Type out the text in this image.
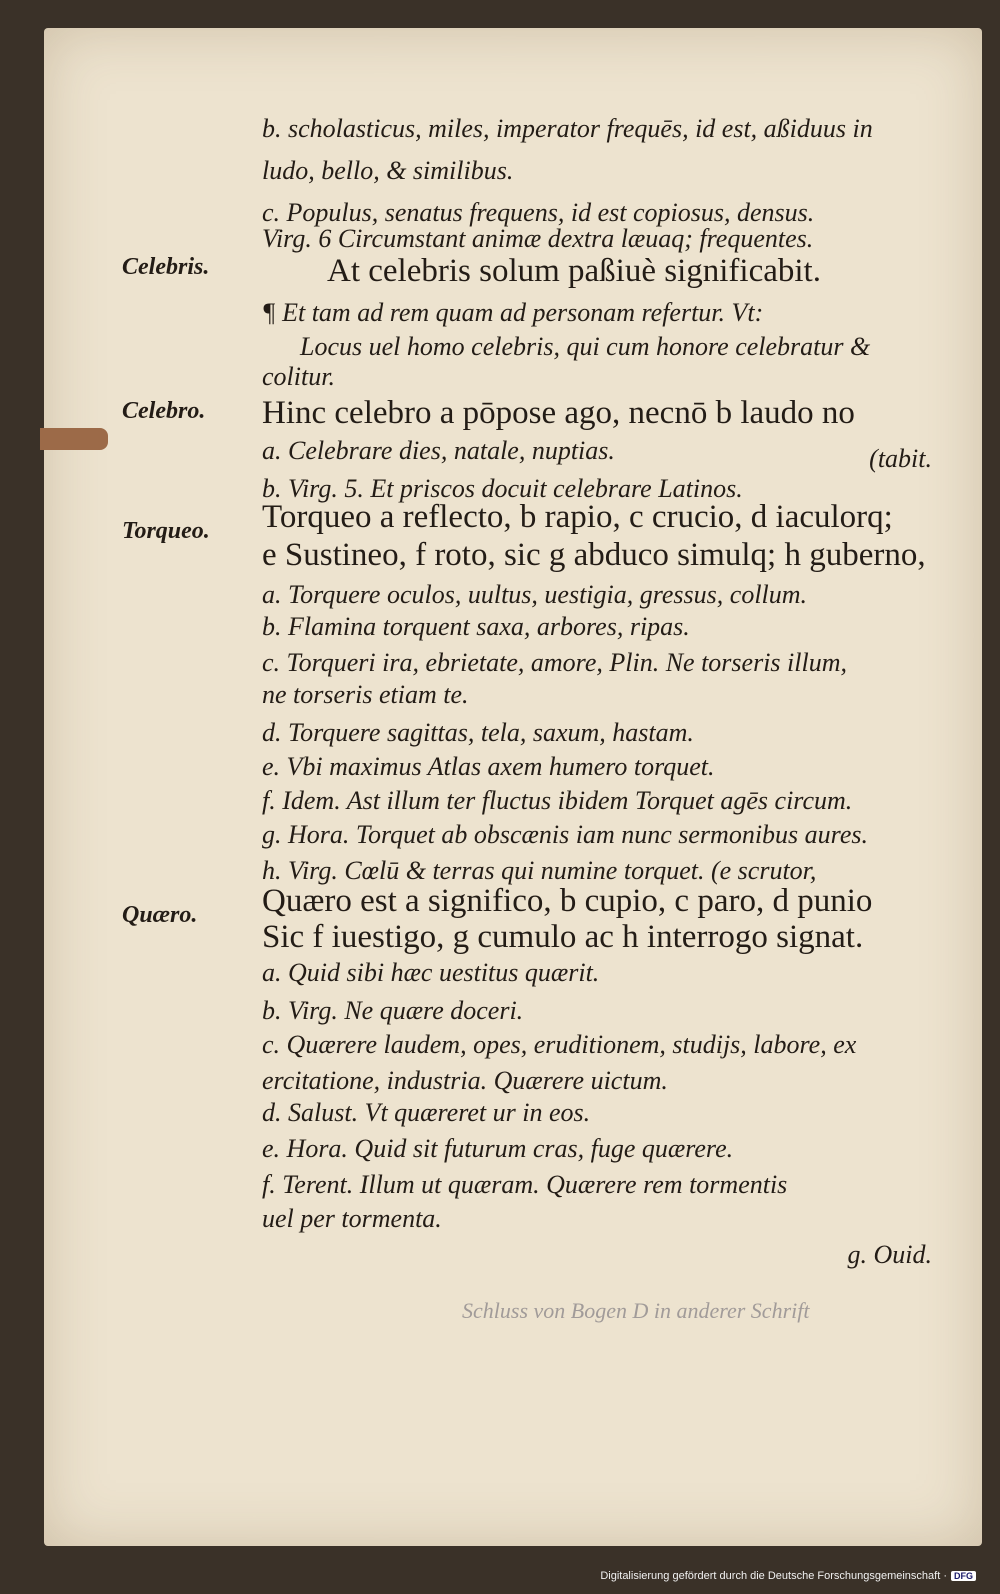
Celebris.
Celebro.
Torqueo.
Quæro.
b. scholasticus, miles, imperator frequēs, id est, aßiduus in
ludo, bello, & similibus.
c. Populus, senatus frequens, id est copiosus, densus.
Virg. 6 Circumstant animæ dextra læuaq; frequentes.
At celebris solum paßiuè significabit.
¶ Et tam ad rem quam ad personam refertur. Vt:
Locus uel homo celebris, qui cum honore celebratur &
colitur.
Hinc celebro a pōpose ago, necnō b laudo no
a. Celebrare dies, natale, nuptias.	(tabit.
b. Virg. 5. Et priscos docuit celebrare Latinos.
Torqueo a reflecto, b rapio, c crucio, d iaculorq;
e Sustineo, f roto, sic g abduco simulq; h guberno,
a. Torquere oculos, uultus, uestigia, gressus, collum.
b. Flamina torquent saxa, arbores, ripas.
c. Torqueri ira, ebrietate, amore, Plin. Ne torseris illum,
ne torseris etiam te.
d. Torquere sagittas, tela, saxum, hastam.
e. Vbi maximus Atlas axem humero torquet.
f. Idem. Ast illum ter fluctus ibidem Torquet agēs circum.
g. Hora. Torquet ab obscænis iam nunc sermonibus aures.
h. Virg. Cœlū & terras qui numine torquet. (e scrutor,
Quæro est a significo, b cupio, c paro, d punio
Sic f iuestigo, g cumulo ac h interrogo signat.
a. Quid sibi hæc uestitus quærit.
b. Virg. Ne quære doceri.
c. Quærere laudem, opes, eruditionem, studijs, labore, ex
ercitatione, industria. Quærere uictum.
d. Salust. Vt quæreret ur in eos.
e. Hora. Quid sit futurum cras, fuge quærere.
f. Terent. Illum ut quæram. Quærere rem tormentis
uel per tormenta.
g. Ouid.
Schluss von Bogen D in anderer Schrift
Digitalisierung gefördert durch die Deutsche Forschungsgemeinschaft · DFG
